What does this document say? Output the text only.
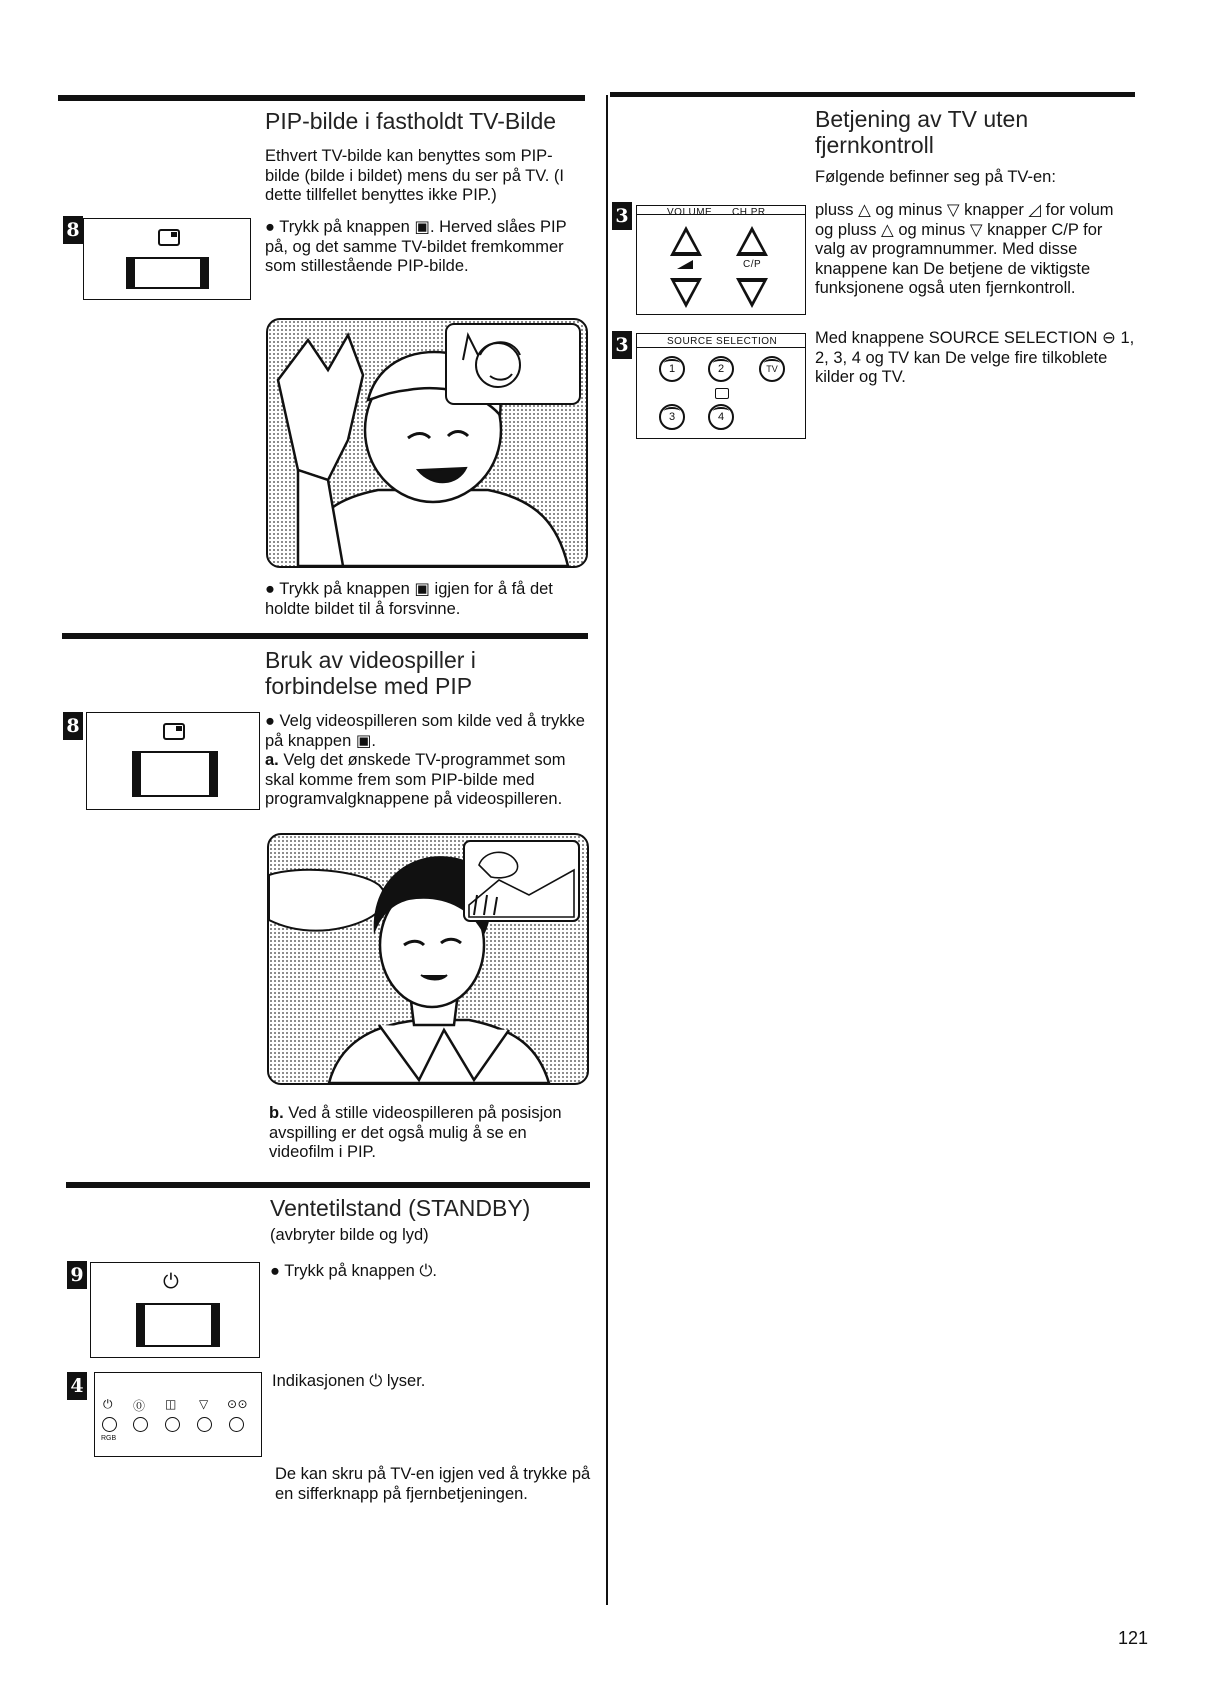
PIP-bilde i fastholdt TV-Bilde
Ethvert TV-bilde kan benyttes som PIP-bilde (bilde i bildet) mens du ser på TV. (I dette tillfellet benyttes ikke PIP.)
8	● Trykk på knappen ▣. Herved slåes PIP på, og det samme TV-bildet fremkommer som stillestående PIP-bilde.
● Trykk på knappen ▣ igjen for å få det holdte bildet til å forsvinne.
Bruk av videospiller i forbindelse med PIP
8	● Velg videospilleren som kilde ved å trykke på knappen ▣.
a. Velg det ønskede TV-programmet som skal komme frem som PIP-bilde med programvalgknappene på videospilleren.
b. Ved å stille videospilleren på posisjon avspilling er det også mulig å se en videofilm i PIP.
Ventetilstand (STANDBY)
(avbryter bilde og lyd)
9	⏻	● Trykk på knappen ⏻.
4
⏻ ⓪ ◫ ▽ ⊙⊙
RGB
Indikasjonen ⏻ lyser.
De kan skru på TV-en igjen ved å trykke på en sifferknapp på fjernbetjeningen.
Betjening av TV uten fjernkontroll
Følgende befinner seg på TV-en:
3	VOLUME CH PR
C/P
pluss △ og minus ▽ knapper ◿ for volum og pluss △ og minus ▽ knapper C/P for valg av programnummer. Med disse knappene kan De betjene de viktigste funksjonene også uten fjernkontroll.
3	SOURCE SELECTION
1	2	TV
3	4
Med knappene SOURCE SELECTION ⊖ 1, 2, 3, 4 og TV kan De velge fire tilkoblete kilder og TV.
121
